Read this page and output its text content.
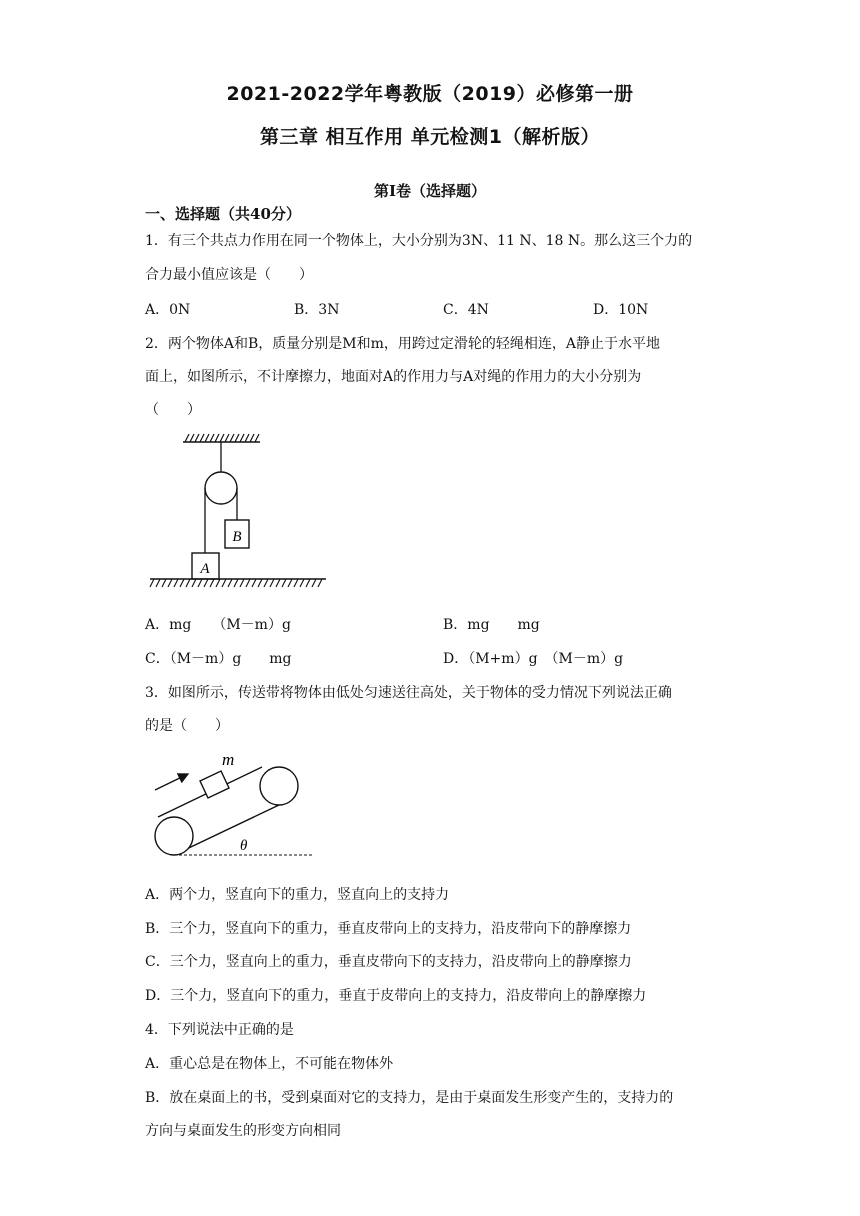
2021-2022学年粤教版（2019）必修第一册
第三章 相互作用 单元检测1（解析版）
第Ⅰ卷（选择题）
一、选择题（共40分）
1．有三个共点力作用在同一个物体上，大小分别为3N、11 N、18 N。那么这三个力的
合力最小值应该是（　　）
A．0N	B．3N	C．4N	D．10N
2．两个物体A和B，质量分别是M和m，用跨过定滑轮的轻绳相连，A静止于水平地
面上，如图所示，不计摩擦力，地面对A的作用力与A对绳的作用力的大小分别为
（　　）
B
A
A．mg　　（M－m）g	B．mg　　mg
C．（M－m）g　　mg	D．（M+m）g　（M－m）g
3．如图所示，传送带将物体由低处匀速送往高处，关于物体的受力情况下列说法正确
的是（　　）
m
θ
A．两个力，竖直向下的重力，竖直向上的支持力
B．三个力，竖直向下的重力，垂直皮带向上的支持力，沿皮带向下的静摩擦力
C．三个力，竖直向上的重力，垂直皮带向下的支持力，沿皮带向上的静摩擦力
D．三个力，竖直向下的重力，垂直于皮带向上的支持力，沿皮带向上的静摩擦力
4．下列说法中正确的是
A．重心总是在物体上，不可能在物体外
B．放在桌面上的书，受到桌面对它的支持力，是由于桌面发生形变产生的，支持力的
方向与桌面发生的形变方向相同
